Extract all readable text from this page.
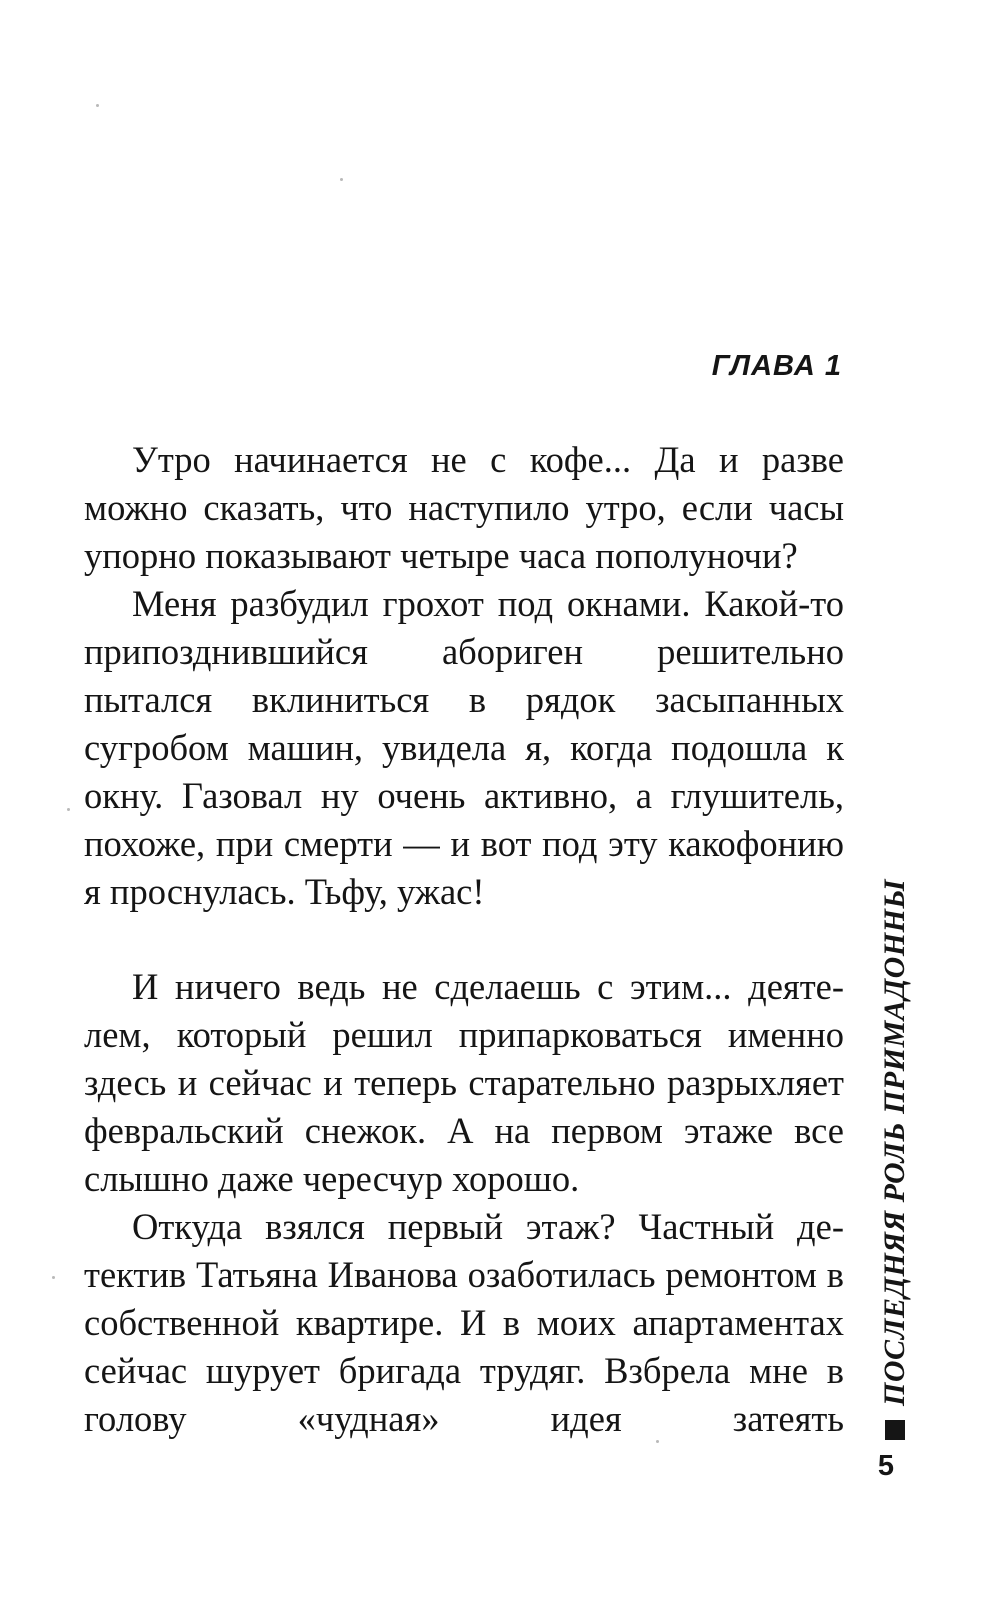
ГЛАВА 1

Утро начинается не с кофе... Да и разве можно сказать, что наступило утро, если часы упорно показывают четыре часа пополуночи?

Меня разбудил грохот под окнами. Какой-то припозднившийся абориген решительно пытался вклиниться в рядок засыпанных сугробом машин, увидела я, когда подошла к окну. Газовал ну очень активно, а глушитель, похоже, при смерти — и вот под эту какофонию я проснулась. Тьфу, ужас!

И ничего ведь не сделаешь с этим... деятелем, который решил припарковаться именно здесь и сейчас и теперь старательно разрыхляет февральский снежок. А на первом этаже все слышно даже чересчур хорошо.

Откуда взялся первый этаж? Частный детектив Татьяна Иванова озаботилась ремонтом в собственной квартире. И в моих апартаментах сейчас шурует бригада трудяг. Взбрела мне в голову «чудная» идея затеять

ПОСЛЕДНЯЯ РОЛЬ ПРИМАДОННЫ
5
